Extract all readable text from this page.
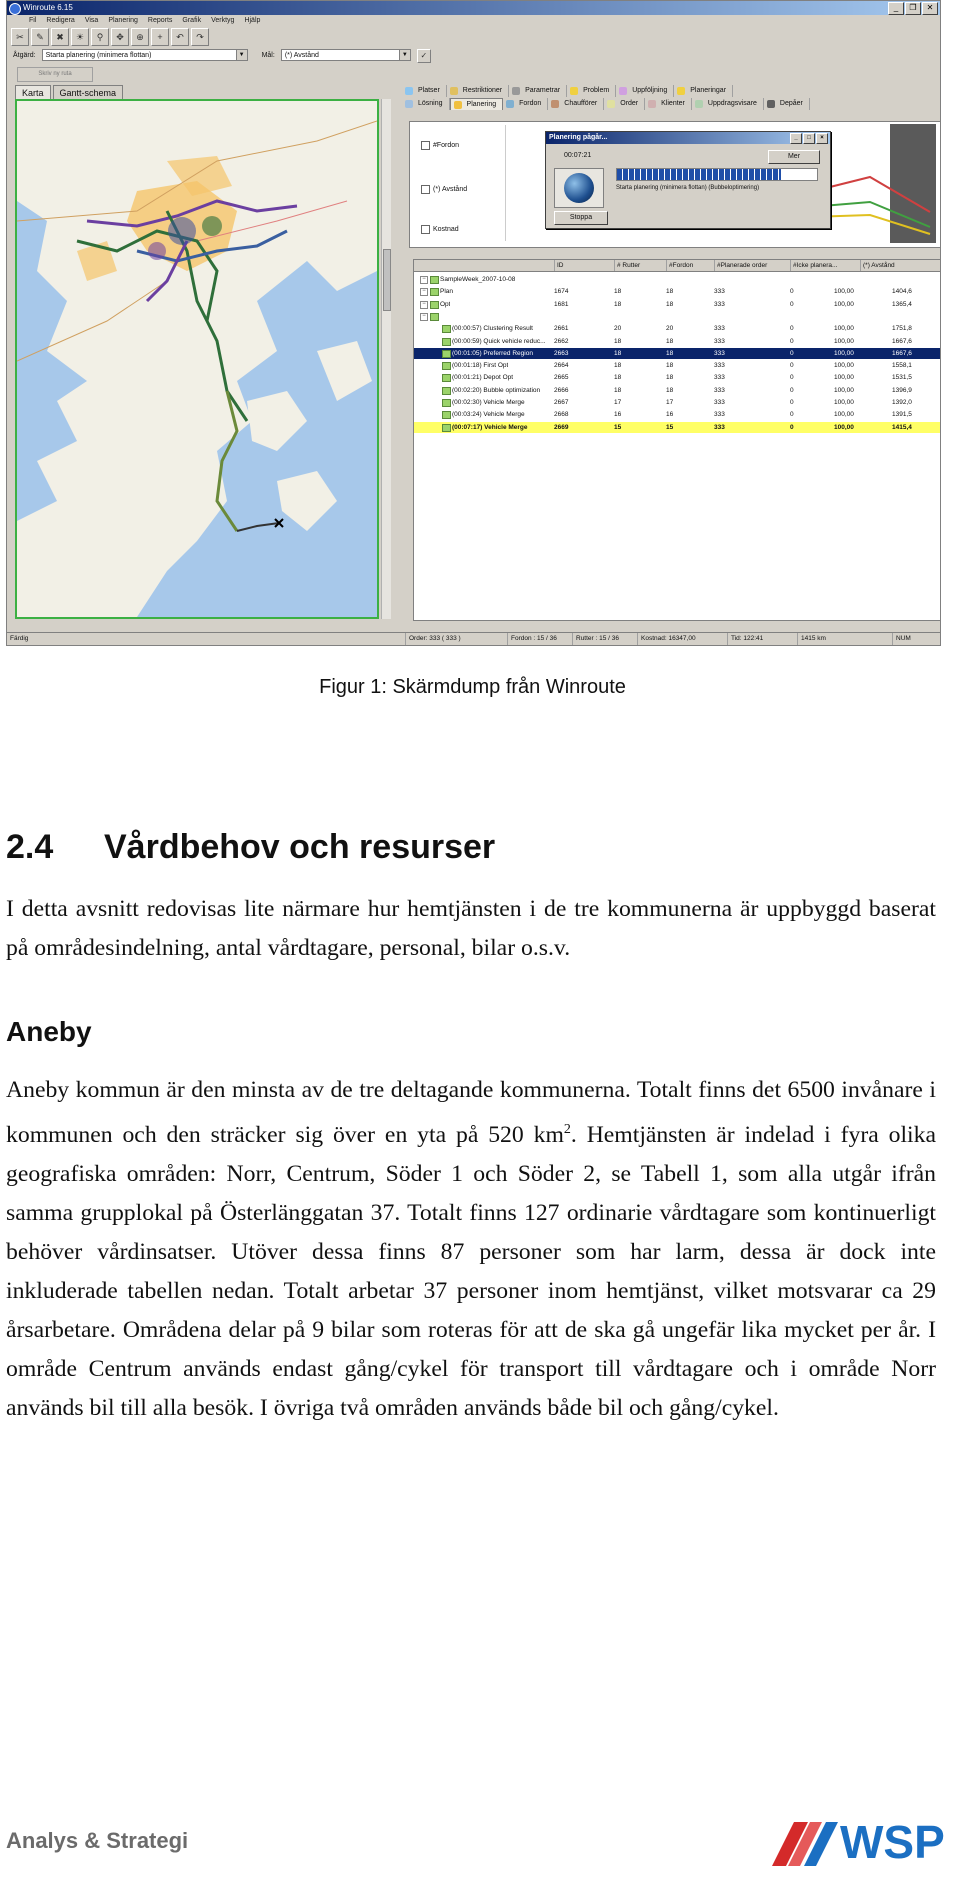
Winroute 6.15	_	❐	✕
Fil Redigera Visa Planering Reports Grafik Verktyg Hjälp
✂	✎	✖	☀	⚲	✥	⊕	+	↶	↷
Åtgärd:	Starta planering (minimera flottan)	▼ Mål:	(*) Avstånd	▼	✓
Skriv ny ruta
Karta	Gantt-schema	Platser	Restriktioner	Parametrar	Problem	Uppföljning	Planeringar
Lösning	Planering	Fordon	Chaufförer	Order	Klienter	Uppdragsvisare	Depåer
#Fordon
(*) Avstånd
Kostnad
Planering pågår...	_	□	×
00:07:21	Mer
Starta planering (minimera flottan) (Bubbeloptimering)
Stoppa
ID	# Rutter	#Fordon	#Planerade order	#Icke planera...	(*) Avstånd
−	SampleWeek_2007-10-08
−	Plan	1674	18	18	333	0	100,00	1404,6
−	Opt	1681	18	18	333	0	100,00	1365,4
−
(00:00:57) Clustering Result	2661	20	20	333	0	100,00	1751,8
(00:00:59) Quick vehicle reduc... 2662	18	18	333	0	100,00	1667,6
(00:01:05) Preferred Region	2663	18	18	333	0	100,00	1667,6
(00:01:18) First Opt	2664	18	18	333	0	100,00	1558,1
(00:01:21) Depot Opt	2665	18	18	333	0	100,00	1531,5
(00:02:20) Bubble optimization 2666	18	18	333	0	100,00	1396,9
(00:02:30) Vehicle Merge	2667	17	17	333	0	100,00	1392,0
(00:03:24) Vehicle Merge	2668	16	16	333	0	100,00	1391,5
(00:07:17) Vehicle Merge	2669	15	15	333	0	100,00	1415,4
Färdig	Order: 333 ( 333 )	Fordon : 15 / 36	Rutter : 15 / 36	Kostnad: 16347,00	Tid: 122:41	1415 km	NUM
Figur 1: Skärmdump från Winroute
2.4 Vårdbehov och resurser

I detta avsnitt redovisas lite närmare hur hemtjänsten i de tre kommunerna är uppbyggd baserat på områdesindelning, antal vårdtagare, personal, bilar o.s.v.

Aneby

Aneby kommun är den minsta av de tre deltagande kommunerna. Totalt finns det 6500 invånare i kommunen och den sträcker sig över en yta på 520 $km^2$. Hemtjänsten är indelad i fyra olika geografiska områden: Norr, Centrum, Söder 1 och Söder 2, se Tabell 1, som alla utgår ifrån samma grupplokal på Österlänggatan 37. Totalt finns 127 ordinarie vårdtagare som kontinuerligt behöver vårdinsatser. Utöver dessa finns 87 personer som har larm, dessa är dock inte inkluderade tabellen nedan. Totalt arbetar 37 personer inom hemtjänst, vilket motsvarar ca 29 årsarbetare. Områdena delar på 9 bilar som roteras för att de ska gå ungefär lika mycket per år. I område Centrum används endast gång/cykel för transport till vårdtagare och i område Norr används bil till alla besök. I övriga två områden används både bil och gång/cykel.

Analys & Strategi	WSP
